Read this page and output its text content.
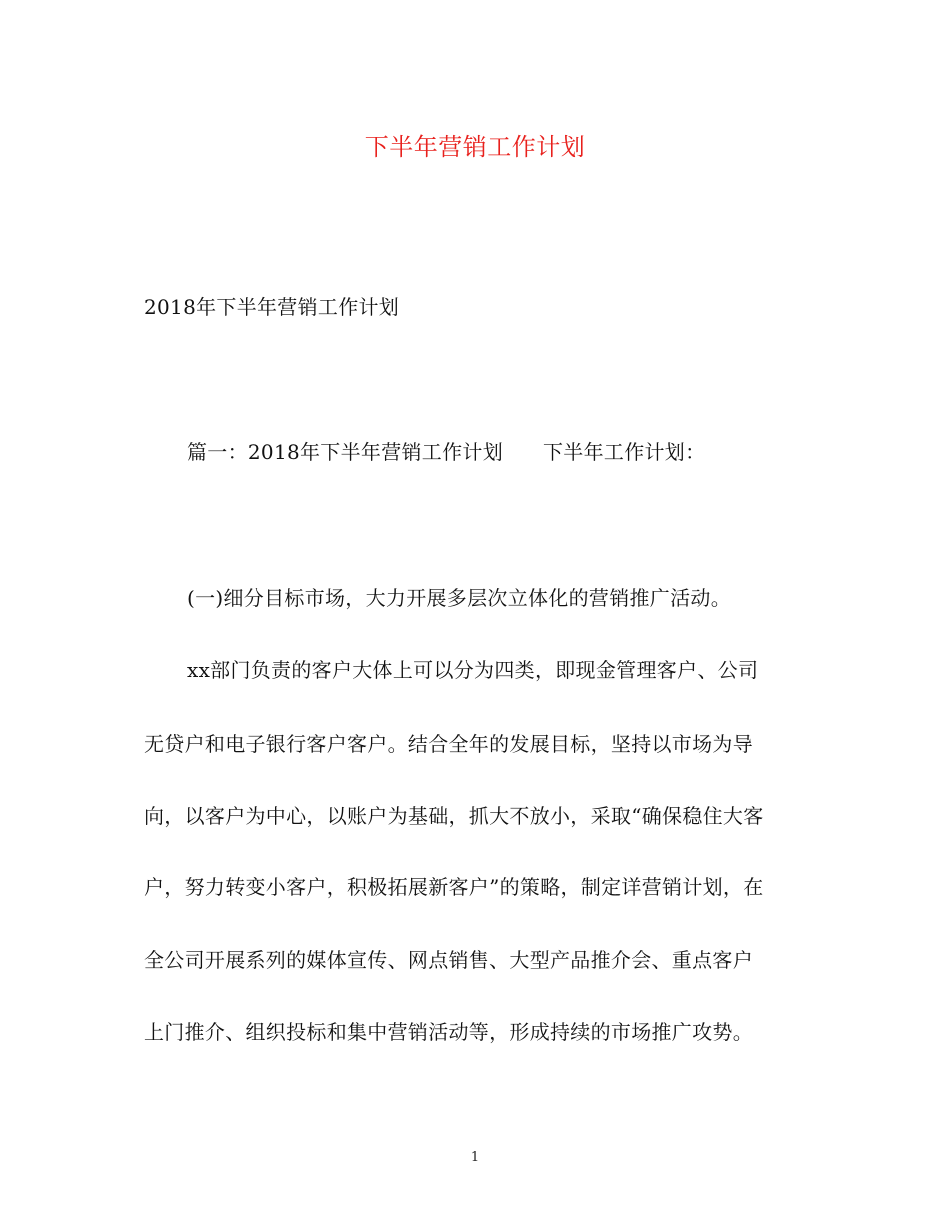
下半年营销工作计划
2018年下半年营销工作计划
篇一：2018年下半年营销工作计划 下半年工作计划：
(一)细分目标市场，大力开展多层次立体化的营销推广活动。
xx部门负责的客户大体上可以分为四类，即现金管理客户、公司
无贷户和电子银行客户客户。结合全年的发展目标，坚持以市场为导
向，以客户为中心，以账户为基础，抓大不放小，采取“确保稳住大客
户，努力转变小客户，积极拓展新客户”的策略，制定详营销计划，在
全公司开展系列的媒体宣传、网点销售、大型产品推介会、重点客户
上门推介、组织投标和集中营销活动等，形成持续的市场推广攻势。
1
